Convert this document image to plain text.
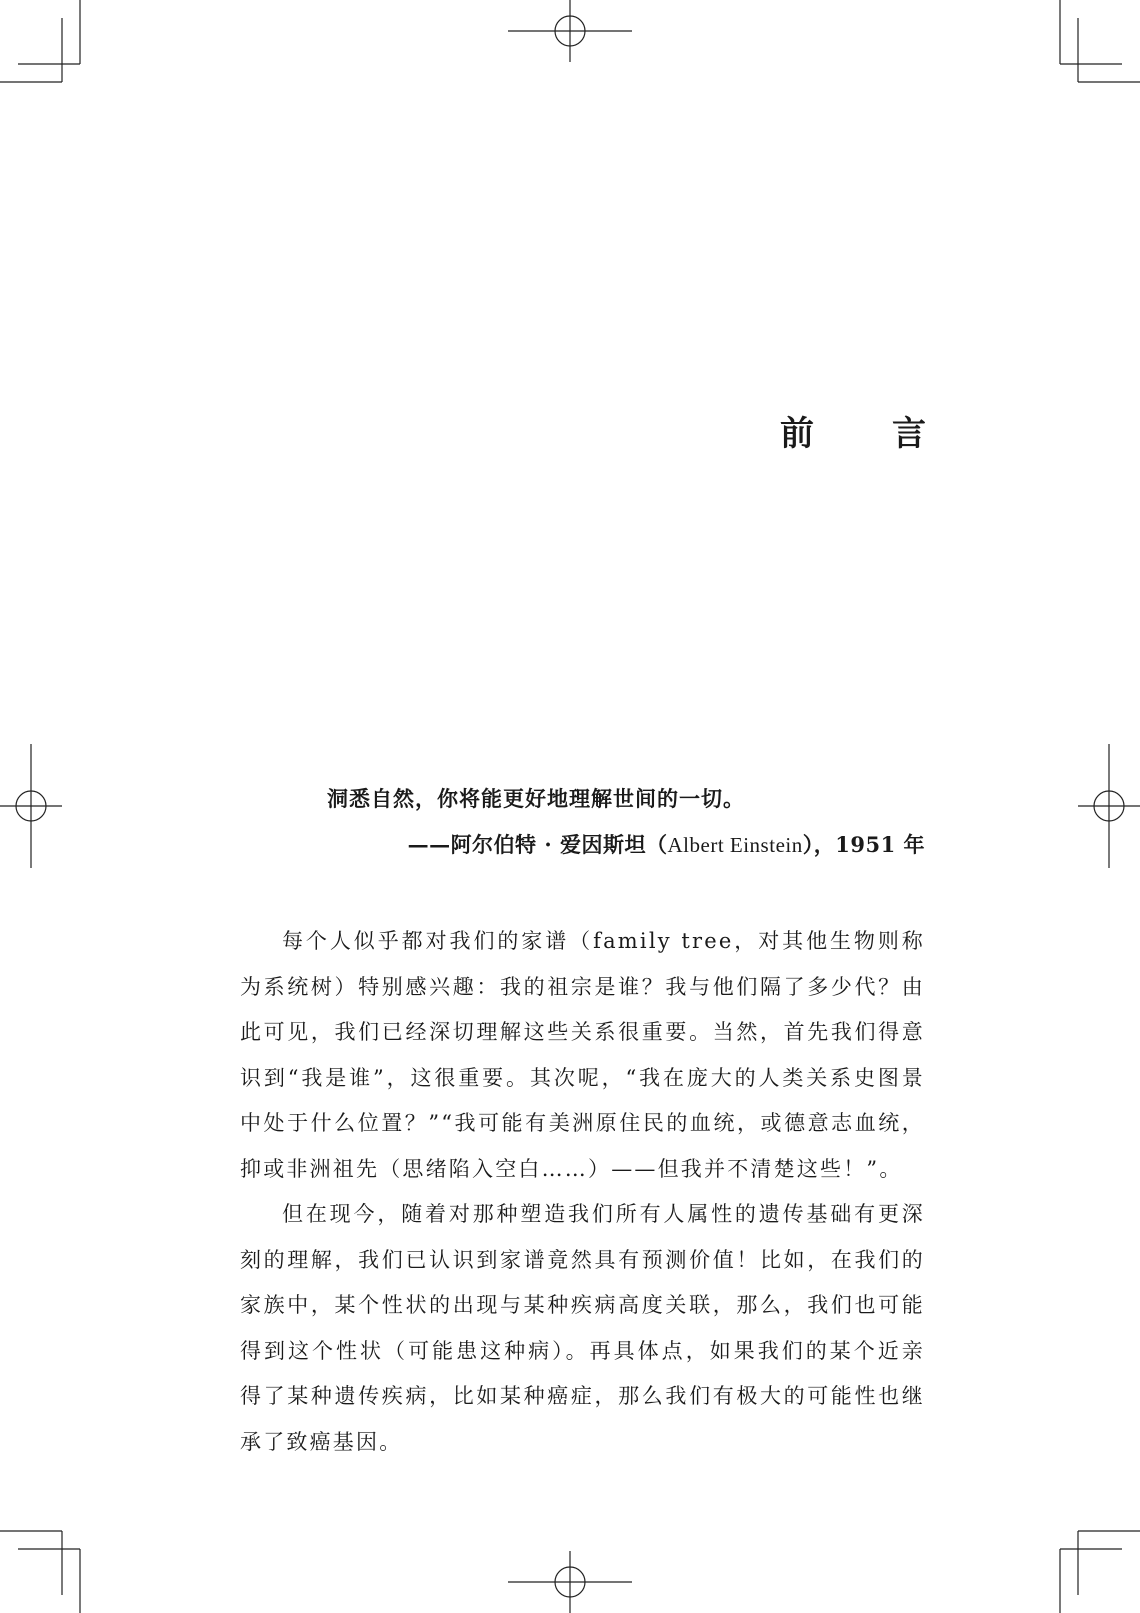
前　言
洞悉自然，你将能更好地理解世间的一切。
——阿尔伯特 · 爱因斯坦（Albert Einstein），1951 年

每个人似乎都对我们的家谱（family tree，对其他生物则称为系统树）特别感兴趣：我的祖宗是谁？我与他们隔了多少代？由此可见，我们已经深切理解这些关系很重要。当然，首先我们得意识到“我是谁”，这很重要。其次呢，“我在庞大的人类关系史图景中处于什么位置？”“我可能有美洲原住民的血统，或德意志血统，抑或非洲祖先（思绪陷入空白……）——但我并不清楚这些！”。

但在现今，随着对那种塑造我们所有人属性的遗传基础有更深刻的理解，我们已认识到家谱竟然具有预测价值！比如，在我们的家族中，某个性状的出现与某种疾病高度关联，那么，我们也可能得到这个性状（可能患这种病）。再具体点，如果我们的某个近亲得了某种遗传疾病，比如某种癌症，那么我们有极大的可能性也继承了致癌基因。
